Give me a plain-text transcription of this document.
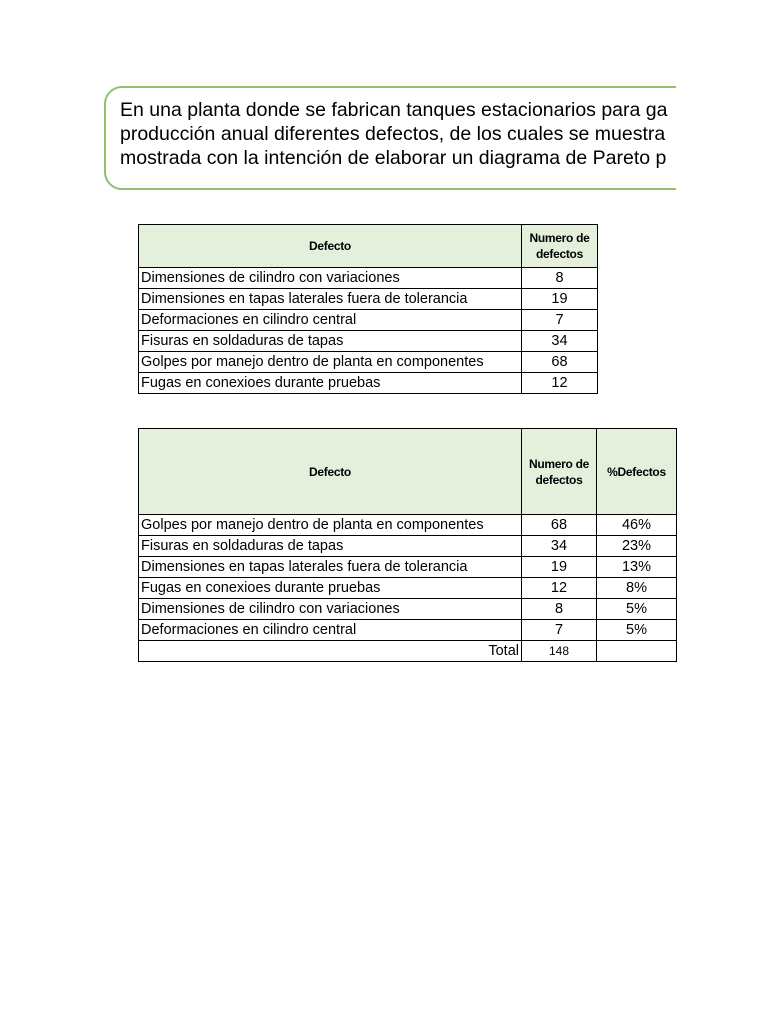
En una planta donde se fabrican tanques estacionarios para ga
producción anual diferentes defectos, de los cuales se muestra
mostrada con la intención de elaborar un diagrama de Pareto p

Defecto	Numero de defectos
Dimensiones de cilindro con variaciones	8
Dimensiones en tapas laterales fuera de tolerancia	19
Deformaciones en cilindro central	7
Fisuras en soldaduras de tapas	34
Golpes por manejo dentro de planta en componentes	68
Fugas en conexioes durante pruebas	12
Defecto	Numero de defectos	%Defectos
Golpes por manejo dentro de planta en componentes	68	46%
Fisuras en soldaduras de tapas	34	23%
Dimensiones en tapas laterales fuera de tolerancia	19	13%
Fugas en conexioes durante pruebas	12	8%
Dimensiones de cilindro con variaciones	8	5%
Deformaciones en cilindro central	7	5%
Total	148	
